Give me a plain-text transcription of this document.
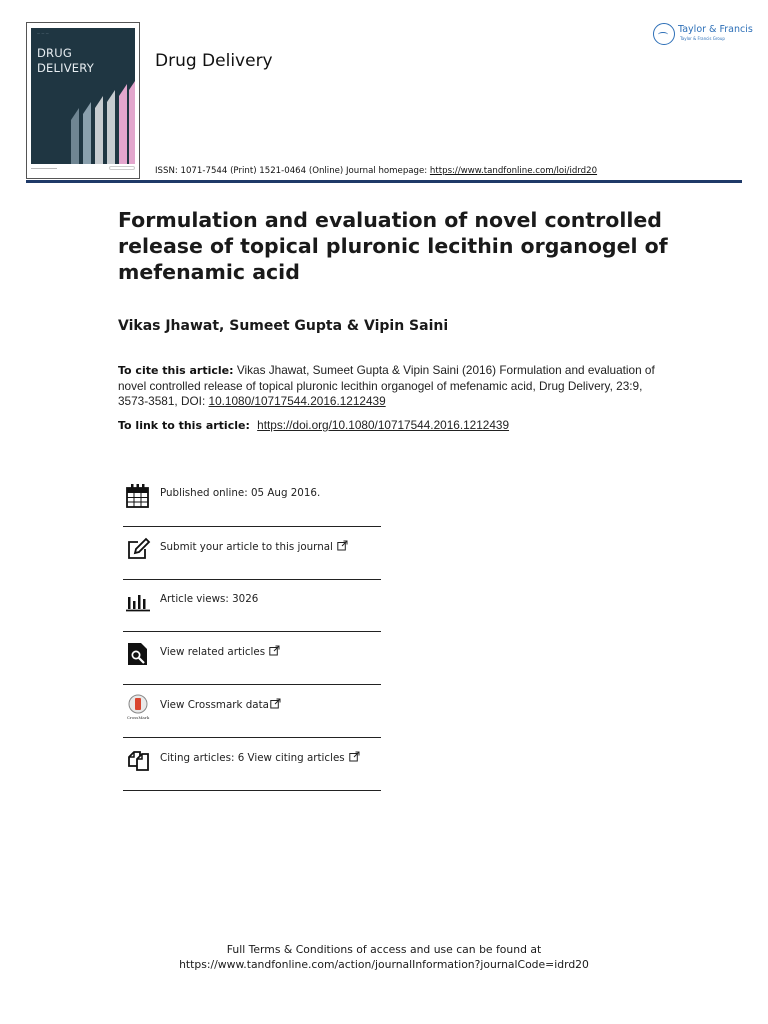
— — —
DRUG
DELIVERY	Drug Delivery
Taylor & Francis
Taylor & Francis Group
ISSN: 1071-7544 (Print) 1521-0464 (Online) Journal homepage: https://www.tandfonline.com/loi/idrd20
Formulation and evaluation of novel controlled release of topical pluronic lecithin organogel of mefenamic acid
Vikas Jhawat, Sumeet Gupta & Vipin Saini
To cite this article: Vikas Jhawat, Sumeet Gupta & Vipin Saini (2016) Formulation and evaluation of novel controlled release of topical pluronic lecithin organogel of mefenamic acid, Drug Delivery, 23:9, 3573-3581, DOI: 10.1080/10717544.2016.1212439
To link to this article: https://doi.org/10.1080/10717544.2016.1212439
Published online: 05 Aug 2016.
Submit your article to this journal
Article views: 3026
View related articles
CrossMark
View Crossmark data
Citing articles: 6 View citing articles
Full Terms & Conditions of access and use can be found at
https://www.tandfonline.com/action/journalInformation?journalCode=idrd20
